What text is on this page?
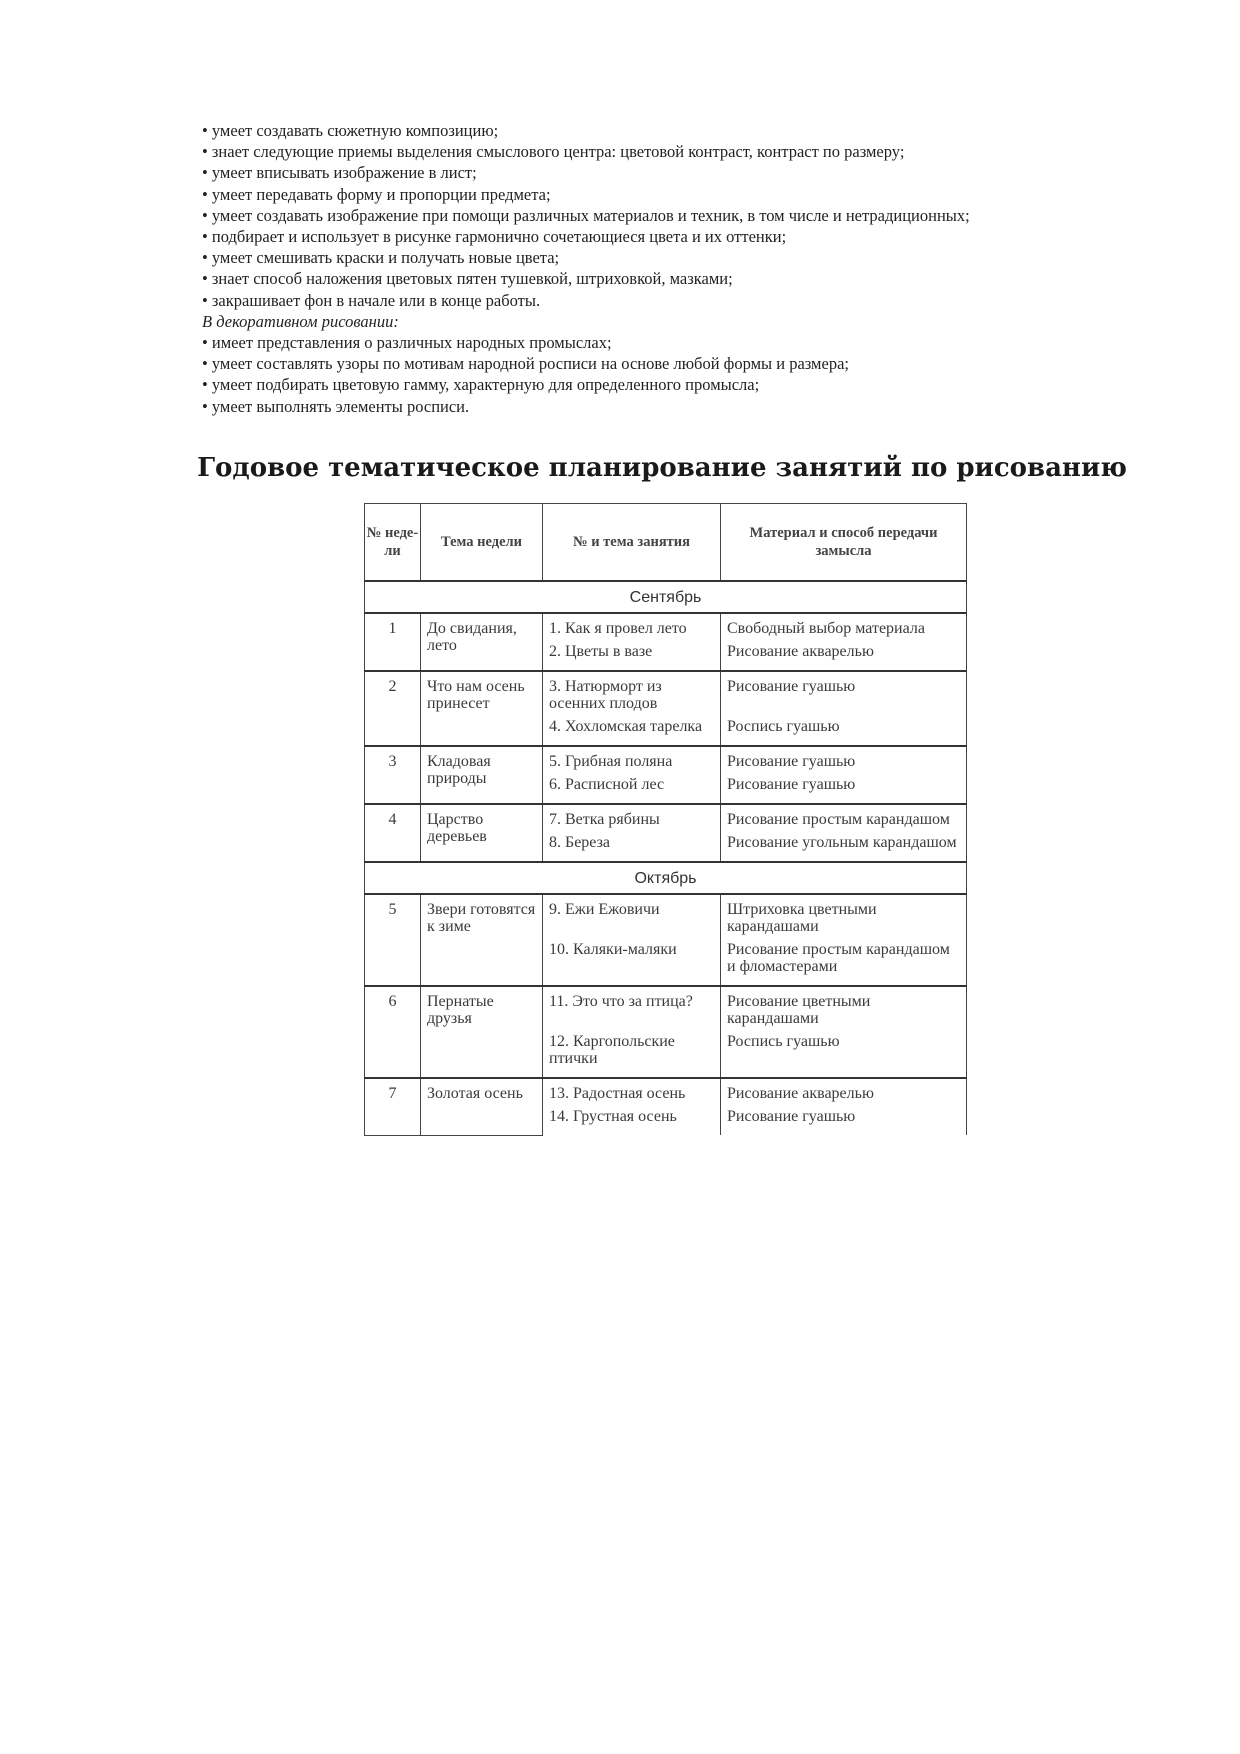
• умеет создавать сюжетную композицию;
• знает следующие приемы выделения смыслового центра: цветовой контраст, контраст по размеру;
• умеет вписывать изображение в лист;
• умеет передавать форму и пропорции предмета;
• умеет создавать изображение при помощи различных материалов и техник, в том числе и нетрадиционных;
• подбирает и использует в рисунке гармонично сочетающиеся цвета и их оттенки;
• умеет смешивать краски и получать новые цвета;
• знает способ наложения цветовых пятен тушевкой, штриховкой, мазками;
• закрашивает фон в начале или в конце работы.
В декоративном рисовании:
• имеет представления о различных народных промыслах;
• умеет составлять узоры по мотивам народной росписи на основе любой формы и размера;
• умеет подбирать цветовую гамму, характерную для определенного промысла;
• умеет выполнять элементы росписи.
Годовое тематическое планирование занятий по рисованию
№ неде-ли	Тема недели	№ и тема занятия	Материал и способ передачи замысла
Сентябрь			
1	До свидания, лето	1. Как я провел лето	Свободный выбор материала
		2. Цветы в вазе	Рисование акварелью
2	Что нам осень принесет	3. Натюрморт из осенних плодов	Рисование гуашью
		4. Хохломская тарелка	Роспись гуашью
3	Кладовая природы	5. Грибная поляна	Рисование гуашью
		6. Расписной лес	Рисование гуашью
4	Царство деревьев	7. Ветка рябины	Рисование простым карандашом
		8. Береза	Рисование угольным карандашом
Октябрь			
5	Звери готовятся к зиме	9. Ежи Ежовичи	Штриховка цветными карандашами
		10. Каляки-маляки	Рисование простым карандашом и фломастерами
6	Пернатые друзья	11. Это что за птица?	Рисование цветными карандашами
		12. Каргопольские птички	Роспись гуашью
7	Золотая осень	13. Радостная осень	Рисование акварелью
		14. Грустная осень	Рисование гуашью
